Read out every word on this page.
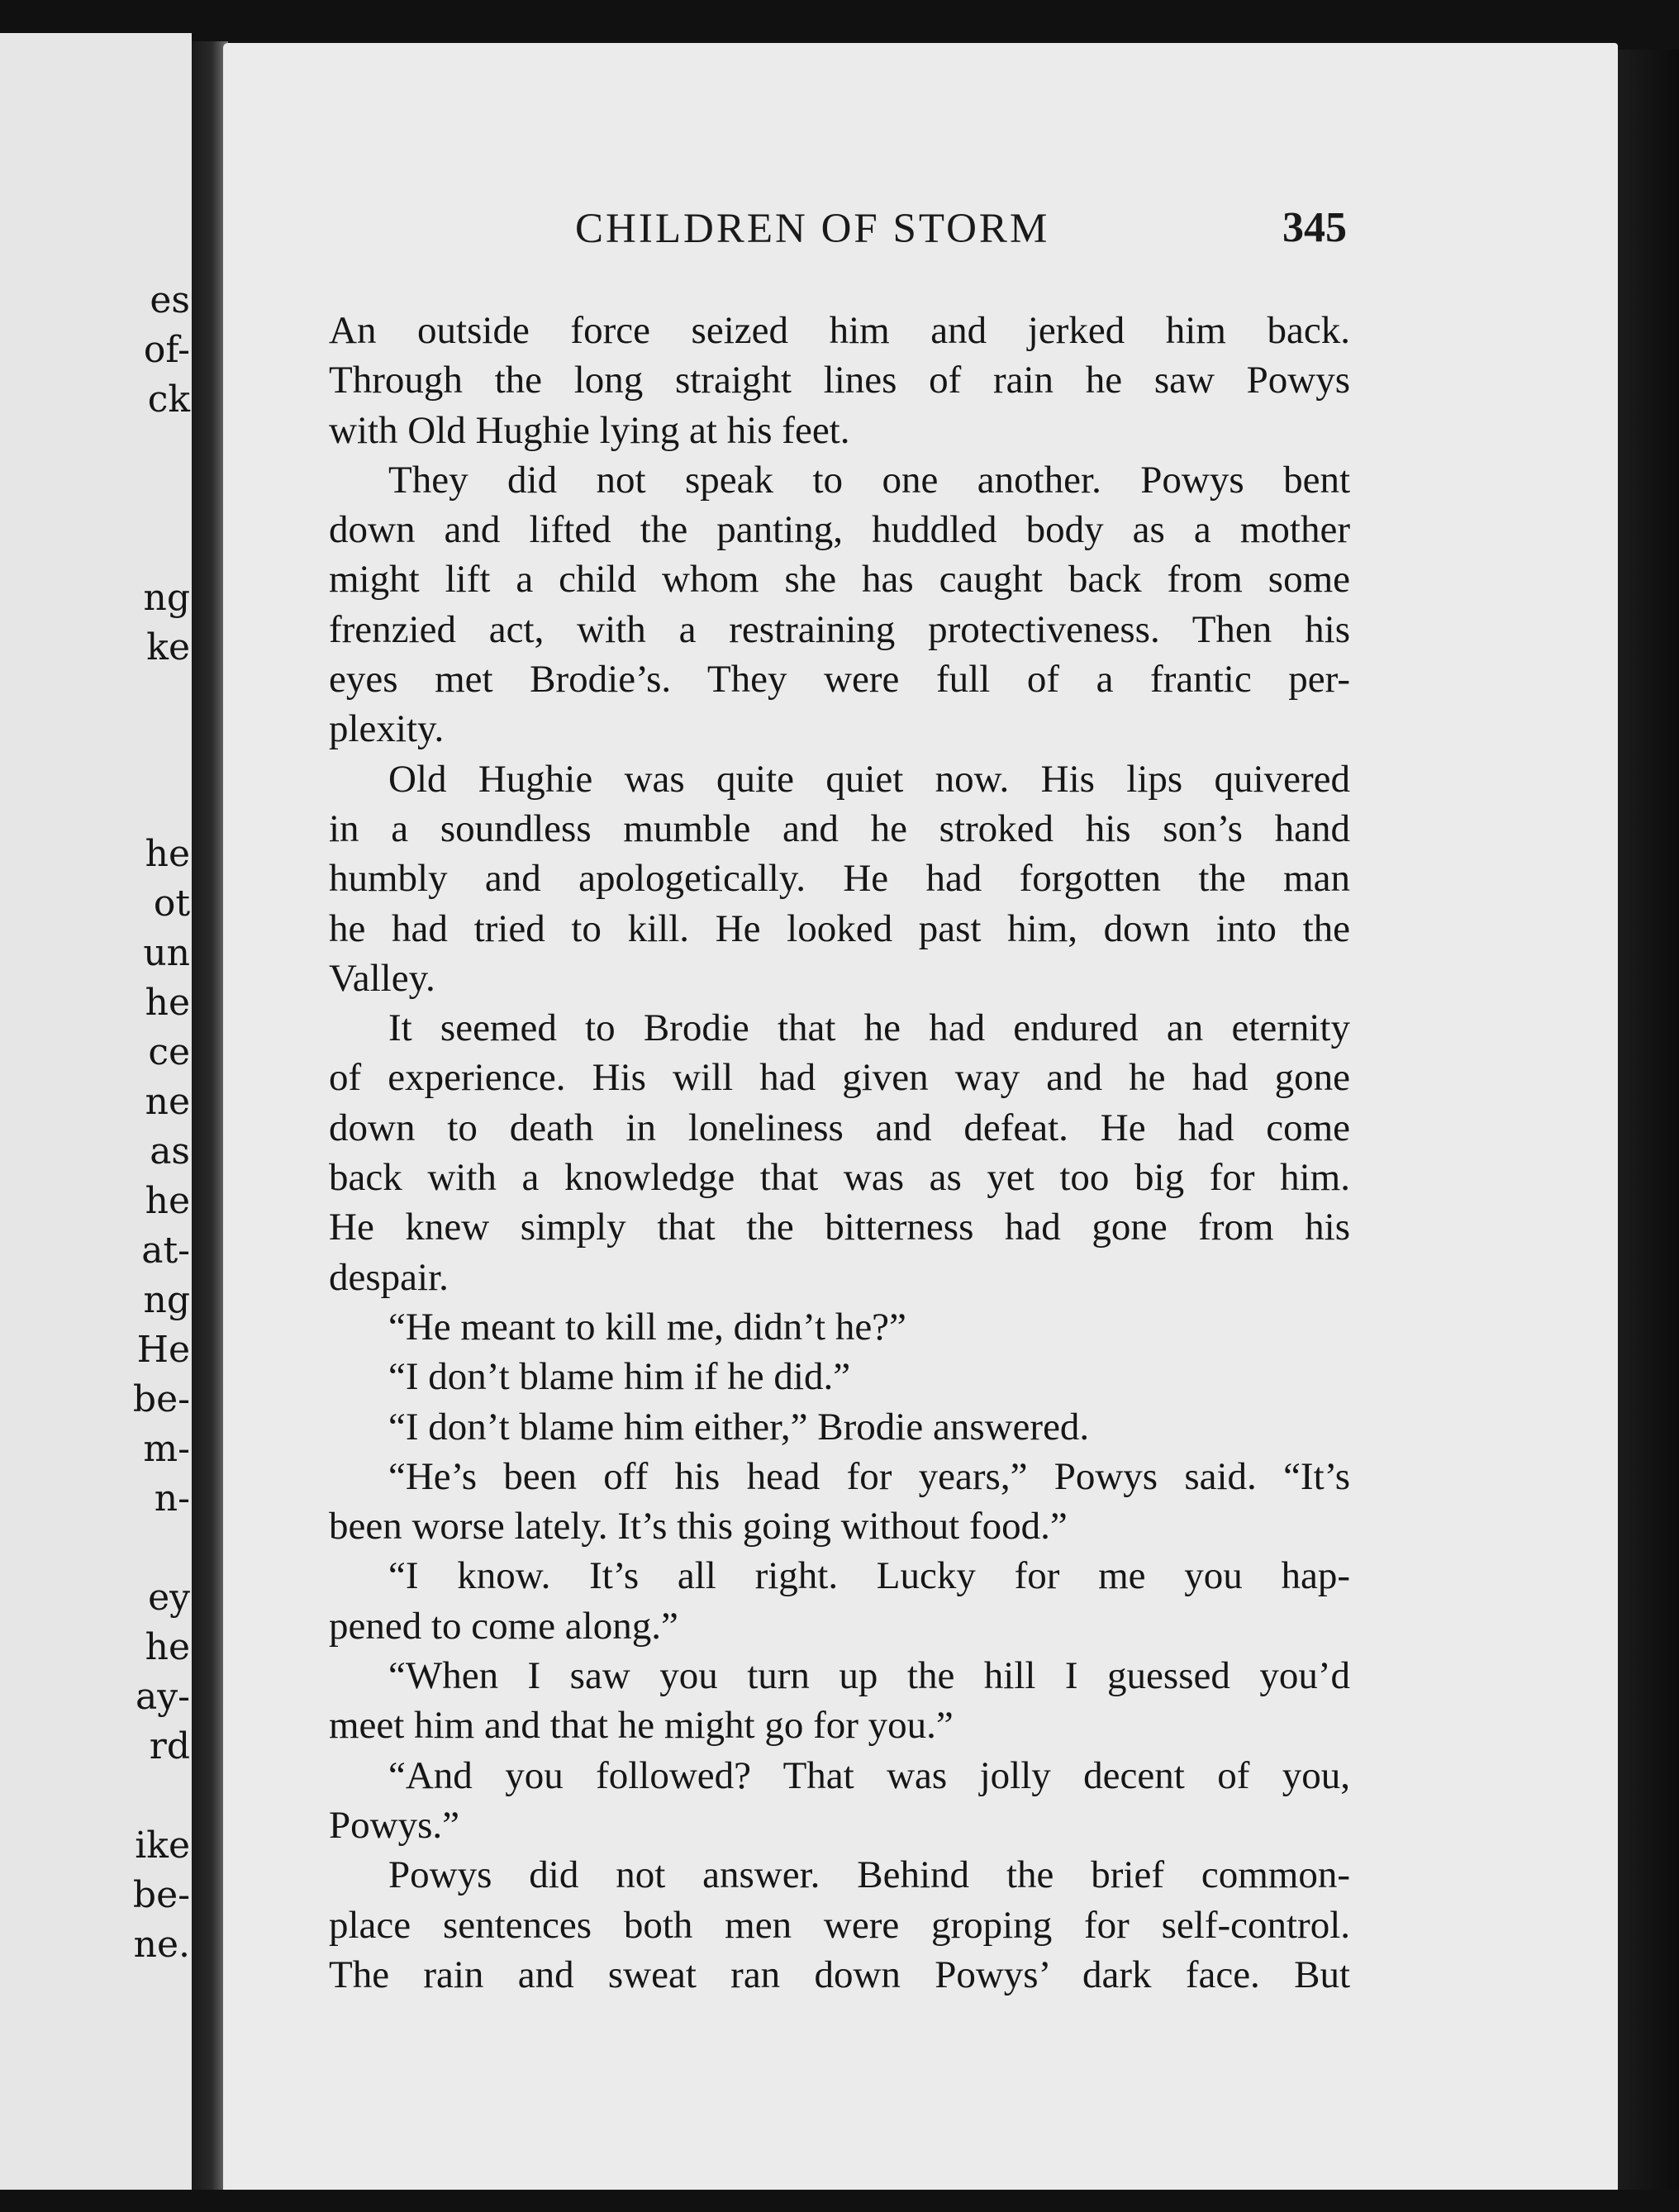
es
of-
ck
ng
ke
he
ot
un
he
ce
ne
as
he
at-
ng
He
be-
m-
n-
ey
he
ay-
rd
ike
be-
ne.
CHILDREN OF STORM	345
An outside force seized him and jerked him back.
Through the long straight lines of rain he saw Powys
with Old Hughie lying at his feet.
They did not speak to one another. Powys bent
down and lifted the panting, huddled body as a mother
might lift a child whom she has caught back from some
frenzied act, with a restraining protectiveness. Then his
eyes met Brodie’s. They were full of a frantic per-
plexity.
Old Hughie was quite quiet now. His lips quivered
in a soundless mumble and he stroked his son’s hand
humbly and apologetically. He had forgotten the man
he had tried to kill. He looked past him, down into the
Valley.
It seemed to Brodie that he had endured an eternity
of experience. His will had given way and he had gone
down to death in loneliness and defeat. He had come
back with a knowledge that was as yet too big for him.
He knew simply that the bitterness had gone from his
despair.
“He meant to kill me, didn’t he?”
“I don’t blame him if he did.”
“I don’t blame him either,” Brodie answered.
“He’s been off his head for years,” Powys said. “It’s
been worse lately. It’s this going without food.”
“I know. It’s all right. Lucky for me you hap-
pened to come along.”
“When I saw you turn up the hill I guessed you’d
meet him and that he might go for you.”
“And you followed? That was jolly decent of you,
Powys.”
Powys did not answer. Behind the brief common-
place sentences both men were groping for self-control.
The rain and sweat ran down Powys’ dark face. But
